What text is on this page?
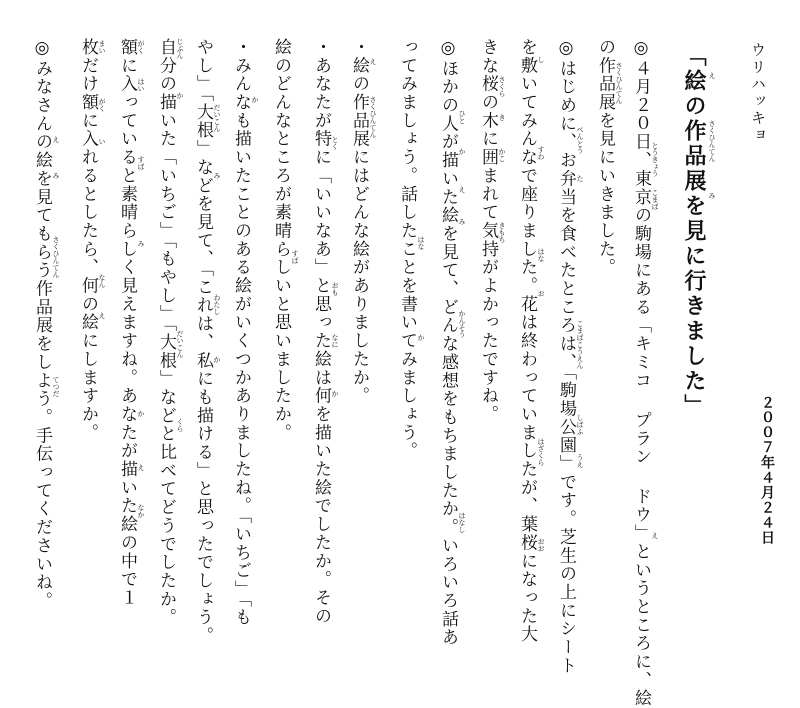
ウリハッキョ
「絵の作品展を見に行きました」
２００７年４月２４日
え
さくひんてん
み
◎４月２０日、東京の駒場にある「キミコ プラン ドウ」というところに、絵 とうきょう
こまば
え
の作品展を見にいきました。 さくひんてん
◎はじめに、お弁当を食べたところは、「駒場公園」です。芝生の上にシート べんとう
た
こまばこうえん
しばふ
うえ
を敷いてみんなで座りました。花は終わっていましたが、葉桜になった大 し
すわ
はな
お
はざくら
おお
きな桜の木に囲まれて気持がよかったですね。 さくら
き
かこ
きもち
◎ほかの人が描いた絵を見て、どんな感想をもちましたか。いろいろ話あ ひと
か
え
み
かんそう
はなし
ってみましょう。話したことを書いてみましょう。 はな
か
・絵の作品展にはどんな絵がありましたか。 え
さくひんてん
・あなたが特に「いいなあ」と思った絵は何を描いた絵でしたか。その とく
おも
なに
か
絵のどんなところが素晴らしいと思いましたか。 すば
・みんなも描いたことのある絵がいくつかありましたね。「いちご」「も か
やし」「大根」などを見て、「これは、私にも描ける」と思ったでしょう。 だいこん
み
わたし
か
自分の描いた「いちご」「もやし」「大根」などと比べてどうでしたか。 じぶん
か
だいこん
くら
額に入っていると素晴らしく見えますね。あなたが描いた絵の中で１ がく
はい
すば
み
か
え
なか
枚だけ額に入れるとしたら、何の絵にしますか。 まい
がく
い
なん
え
◎みなさんの絵を見てもらう作品展をしよう。手伝ってくださいね。 え
み
さくひんてん
てつだ
